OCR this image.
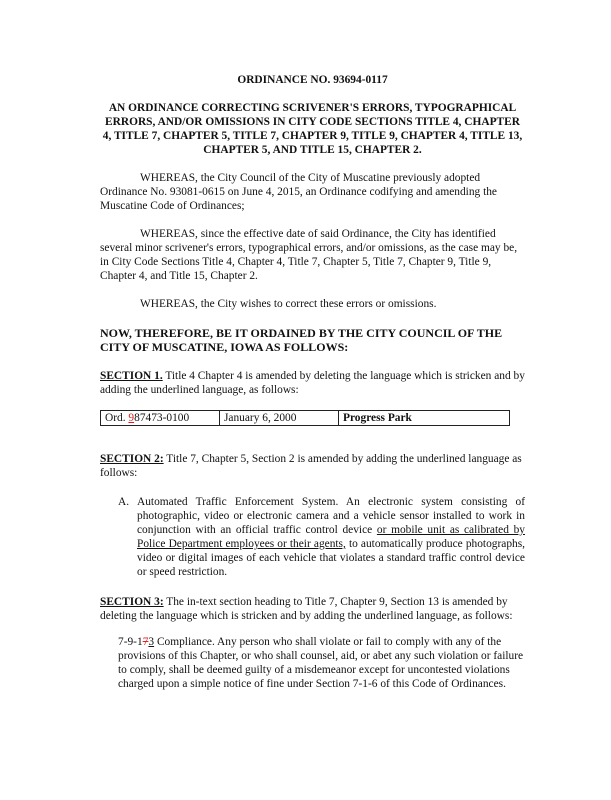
ORDINANCE NO. 93694-0117
AN ORDINANCE CORRECTING SCRIVENER'S ERRORS, TYPOGRAPHICAL ERRORS, AND/OR OMISSIONS IN CITY CODE SECTIONS TITLE 4, CHAPTER 4, TITLE 7, CHAPTER 5, TITLE 7, CHAPTER 9, TITLE 9, CHAPTER 4, TITLE 13, CHAPTER 5, AND TITLE 15, CHAPTER 2.

WHEREAS, the City Council of the City of Muscatine previously adopted Ordinance No. 93081-0615 on June 4, 2015, an Ordinance codifying and amending the Muscatine Code of Ordinances;

WHEREAS, since the effective date of said Ordinance, the City has identified several minor scrivener's errors, typographical errors, and/or omissions, as the case may be, in City Code Sections Title 4, Chapter 4, Title 7, Chapter 5, Title 7, Chapter 9, Title 9, Chapter 4, and Title 15, Chapter 2.

WHEREAS, the City wishes to correct these errors or omissions.

NOW, THEREFORE, BE IT ORDAINED BY THE CITY COUNCIL OF THE CITY OF MUSCATINE, IOWA AS FOLLOWS:

SECTION 1. Title 4 Chapter 4 is amended by deleting the language which is stricken and by adding the underlined language, as follows:

Ord. 987473-0100	January 6, 2000	Progress Park

SECTION 2: Title 7, Chapter 5, Section 2 is amended by adding the underlined language as follows:

A. Automated Traffic Enforcement System. An electronic system consisting of photographic, video or electronic camera and a vehicle sensor installed to work in conjunction with an official traffic control device or mobile unit as calibrated by Police Department employees or their agents, to automatically produce photographs, video or digital images of each vehicle that violates a standard traffic control device or speed restriction.

SECTION 3: The in-text section heading to Title 7, Chapter 9, Section 13 is amended by deleting the language which is stricken and by adding the underlined language, as follows:

7-9-173 Compliance. Any person who shall violate or fail to comply with any of the provisions of this Chapter, or who shall counsel, aid, or abet any such violation or failure to comply, shall be deemed guilty of a misdemeanor except for uncontested violations charged upon a simple notice of fine under Section 7-1-6 of this Code of Ordinances.
